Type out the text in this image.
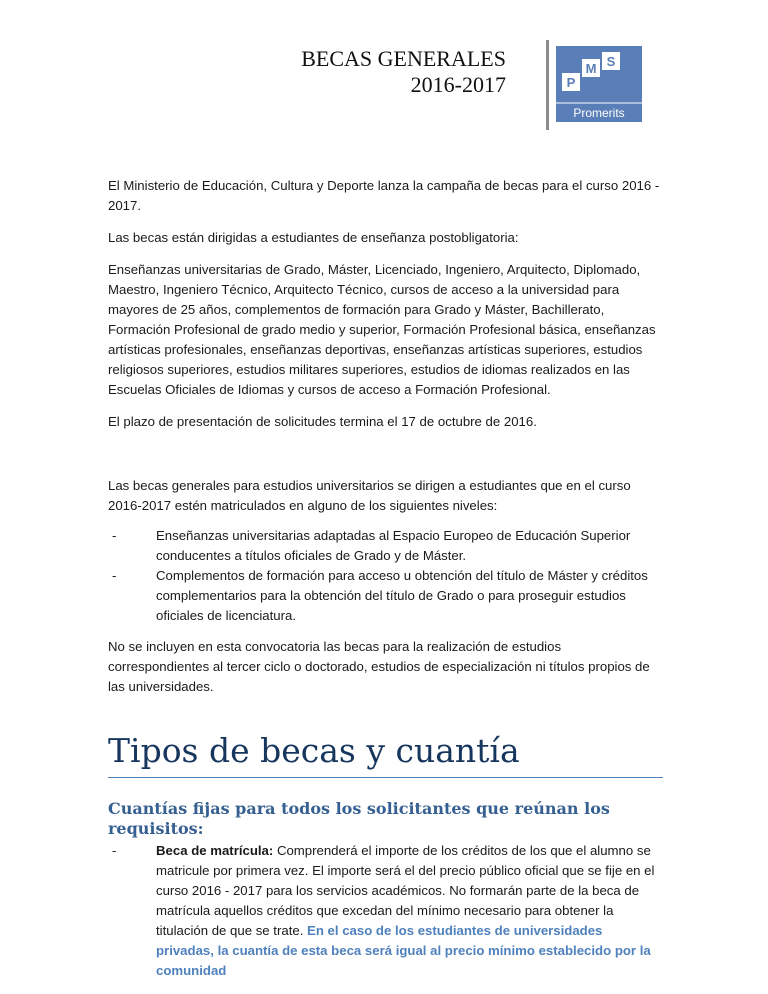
BECAS GENERALES
2016-2017	P
M S
Promerits

El Ministerio de Educación, Cultura y Deporte lanza la campaña de becas para el curso 2016 - 2017.

Las becas están dirigidas a estudiantes de enseñanza postobligatoria:

Enseñanzas universitarias de Grado, Máster, Licenciado, Ingeniero, Arquitecto, Diplomado, Maestro, Ingeniero Técnico, Arquitecto Técnico, cursos de acceso a la universidad para mayores de 25 años, complementos de formación para Grado y Máster, Bachillerato, Formación Profesional de grado medio y superior, Formación Profesional básica, enseñanzas artísticas profesionales, enseñanzas deportivas, enseñanzas artísticas superiores, estudios religiosos superiores, estudios militares superiores, estudios de idiomas realizados en las Escuelas Oficiales de Idiomas y cursos de acceso a Formación Profesional.

El plazo de presentación de solicitudes termina el 17 de octubre de 2016.

Las becas generales para estudios universitarios se dirigen a estudiantes que en el curso 2016-2017 estén matriculados en alguno de los siguientes niveles:

-	Enseñanzas universitarias adaptadas al Espacio Europeo de Educación Superior conducentes a títulos oficiales de Grado y de Máster.
-	Complementos de formación para acceso u obtención del título de Máster y créditos complementarios para la obtención del título de Grado o para proseguir estudios oficiales de licenciatura.

No se incluyen en esta convocatoria las becas para la realización de estudios correspondientes al tercer ciclo o doctorado, estudios de especialización ni títulos propios de las universidades.

Tipos de becas y cuantía
Cuantías fijas para todos los solicitantes que reúnan los requisitos:
-	Beca de matrícula: Comprenderá el importe de los créditos de los que el alumno se matricule por primera vez. El importe será el del precio público oficial que se fije en el curso 2016 - 2017 para los servicios académicos. No formarán parte de la beca de matrícula aquellos créditos que excedan del mínimo necesario para obtener la titulación de que se trate. En el caso de los estudiantes de universidades privadas, la cuantía de esta beca será igual al precio mínimo establecido por la comunidad
